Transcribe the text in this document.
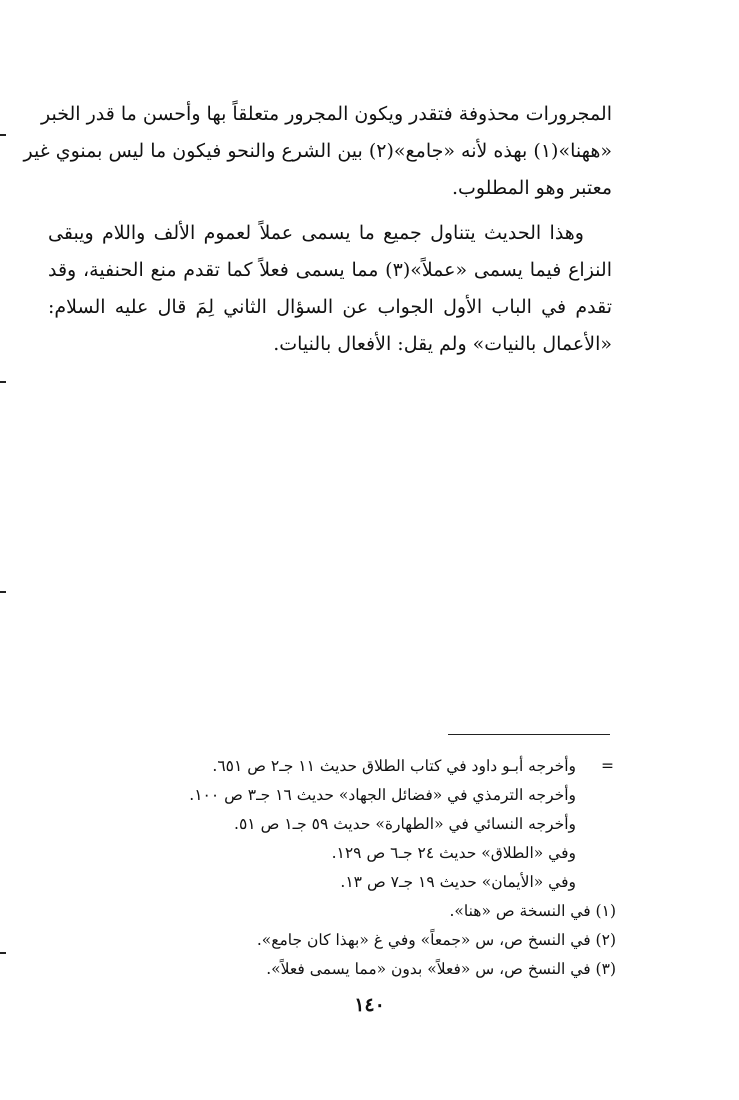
المجرورات محذوفة فتقدر ويكون المجرور متعلقاً بها وأحسن ما قدر الخبر
«ههنا»(١) بهذه لأنه «جامع»(٢) بين الشرع والنحو فيكون ما ليس بمنوي غير
معتبر وهو المطلوب.
وهذا الحديث يتناول جميع ما يسمى عملاً لعموم الألف واللام ويبقى
النزاع فيما يسمى «عملاً»(٣) مما يسمى فعلاً كما تقدم منع الحنفية، وقد
تقدم في الباب الأول الجواب عن السؤال الثاني لِمَ قال عليه السلام:
«الأعمال بالنيات» ولم يقل: الأفعال بالنيات.
=
وأخرجه أبـو داود في كتاب الطلاق حديث ١١ جـ٢ ص ٦٥١.
وأخرجه الترمذي في «فضائل الجهاد» حديث ١٦ جـ٣ ص ١٠٠.
وأخرجه النسائي في «الطهارة» حديث ٥٩ جـ١ ص ٥١.
وفي «الطلاق» حديث ٢٤ جـ٦ ص ١٢٩.
وفي «الأيمان» حديث ١٩ جـ٧ ص ١٣.
(١) في النسخة ص «هنا».
(٢) في النسخ ص، س «جمعاً» وفي غ «بهذا كان جامع».
(٣) في النسخ ص، س «فعلاً» بدون «مما يسمى فعلاً».
١٤٠
